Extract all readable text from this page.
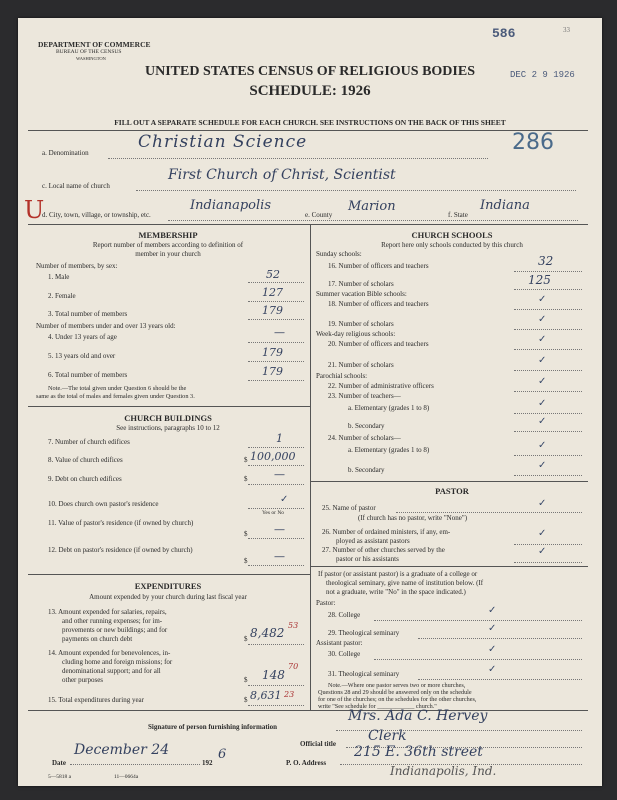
DEPARTMENT OF COMMERCE
BUREAU OF THE CENSUS
WASHINGTON
586	33
DEC 2 9 1926
UNITED STATES CENSUS OF RELIGIOUS BODIES
SCHEDULE: 1926
FILL OUT A SEPARATE SCHEDULE FOR EACH CHURCH. SEE INSTRUCTIONS ON THE BACK OF THIS SHEET
a. Denomination
Christian Science	286
c. Local name of church
First Church of Christ, Scientist
U
d. City, town, village, or township, etc.
Indianapolis
e. County
Marion
f. State
Indiana
MEMBERSHIP
Report number of members according to definition of
member in your church
Number of members, by sex:
1. Male	52
2. Female	127
3. Total number of members	179
Number of members under and over 13 years old:
4. Under 13 years of age	—
5. 13 years old and over	179
6. Total number of members	179
Note.—The total given under Question 6 should be the
same as the total of males and females given under Question 3.
CHURCH BUILDINGS
See instructions, paragraphs 10 to 12
7. Number of church edifices	1
8. Value of church edifices	$ 100,000
9. Debt on church edifices	$ —
10. Does church own pastor's residence	✓
Yes or No
11. Value of pastor's residence (if owned by church)
$ —
12. Debt on pastor's residence (if owned by church)
$ —
EXPENDITURES
Amount expended by your church during last fiscal year
13. Amount expended for salaries, repairs,
and other running expenses; for im-
provements or new buildings; and for
payments on church debt	$ 8,482
53
14. Amount expended for benevolences, in-
cluding home and foreign missions; for
denominational support; and for all
other purposes	$ 148
70
15. Total expenditures during year	$ 8,631 23
CHURCH SCHOOLS
Report here only schools conducted by this church
Sunday schools:
16. Number of officers and teachers	32
17. Number of scholars	125
Summer vacation Bible schools:
18. Number of officers and teachers	✓
19. Number of scholars	✓
Week-day religious schools:
20. Number of officers and teachers	✓
21. Number of scholars	✓
Parochial schools:
22. Number of administrative officers	✓
23. Number of teachers—
a. Elementary (grades 1 to 8)	✓
b. Secondary	✓
24. Number of scholars—
a. Elementary (grades 1 to 8)	✓
b. Secondary	✓
PASTOR
25. Name of pastor	✓
(If church has no pastor, write "None")
26. Number of ordained ministers, if any, em-
ployed as assistant pastors
✓
27. Number of other churches served by the
pastor or his assistants
✓
If pastor (or assistant pastor) is a graduate of a college or
theological seminary, give name of institution below. (If
not a graduate, write "No" in the space indicated.)
Pastor:
28. College	✓
29. Theological seminary	✓
Assistant pastor:
30. College	✓
31. Theological seminary	✓
Note.—Where one pastor serves two or more churches,
Questions 28 and 29 should be answered only on the schedule
for one of the churches; on the schedules for the other churches,
write "See schedule for ____________ church."
Signature of person furnishing information
Mrs. Ada C. Hervey
Official title Clerk
Date
December 24
192
6
P. O. Address
215 E. 36th street
Indianapolis, Ind.
5—5818 a	11—0664a
